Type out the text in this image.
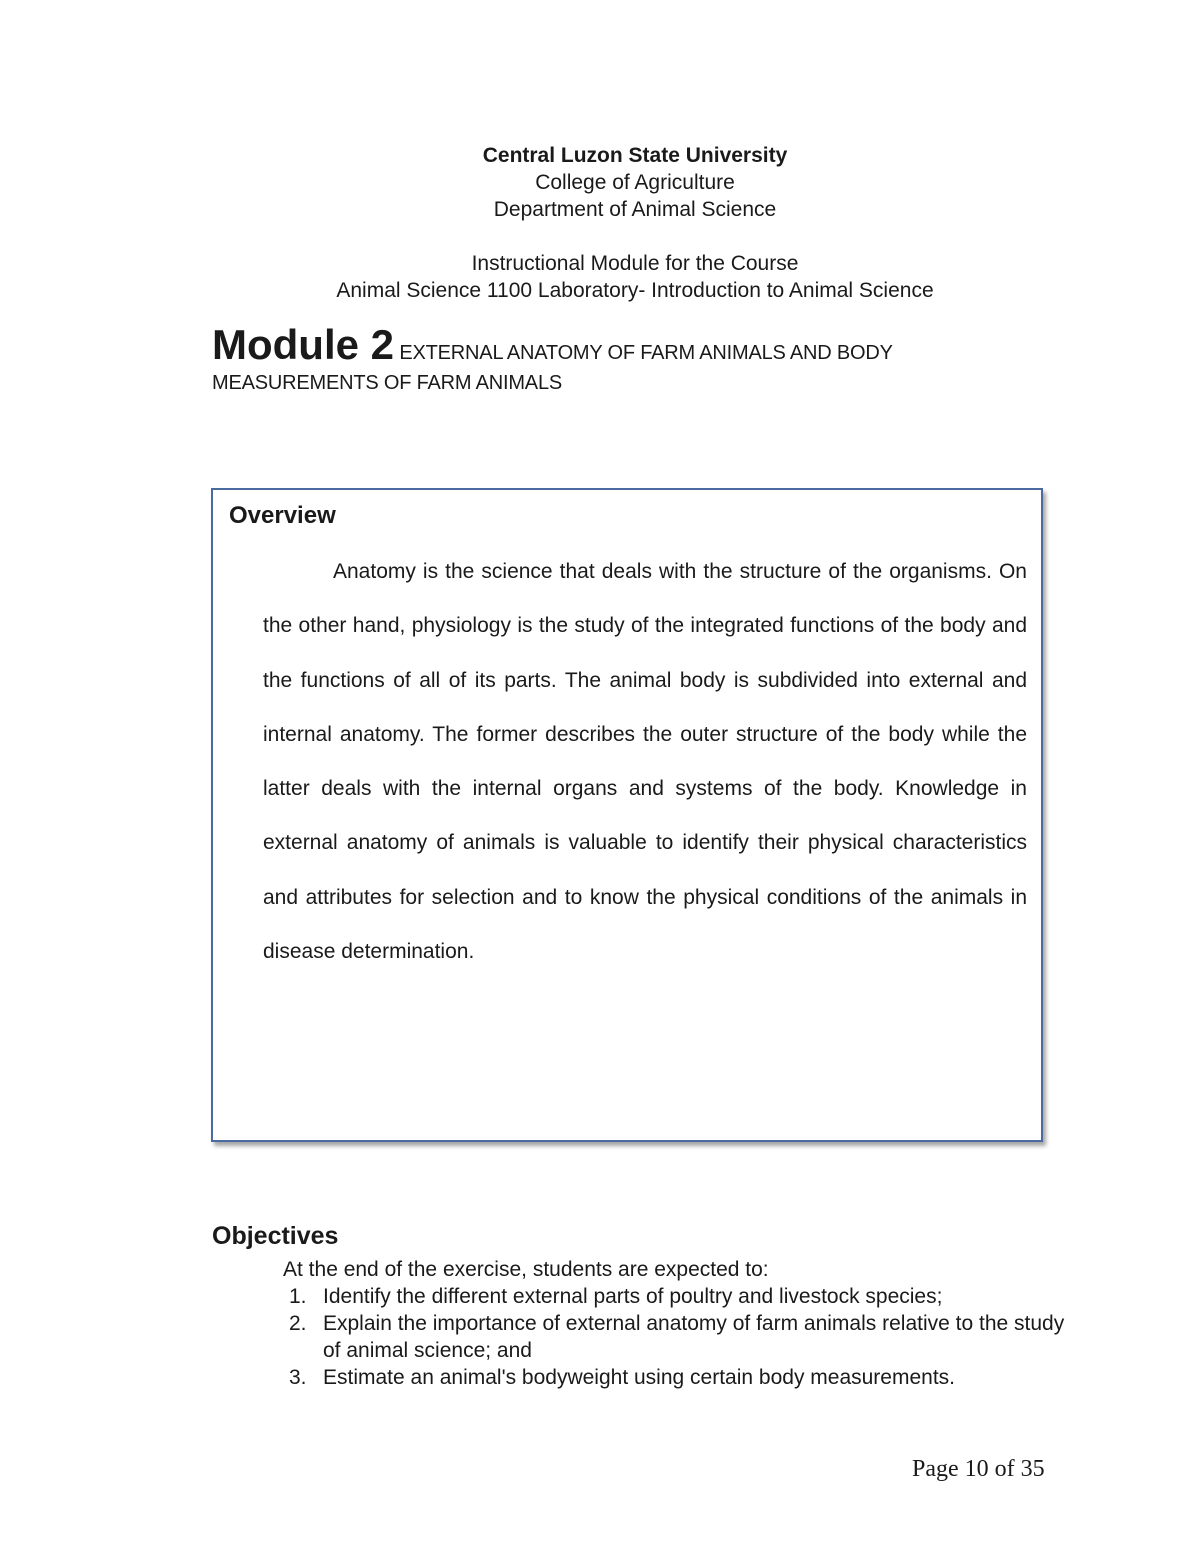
Central Luzon State University
College of Agriculture
Department of Animal Science
Instructional Module for the Course
Animal Science 1100 Laboratory- Introduction to Animal Science
Module 2 EXTERNAL ANATOMY OF FARM ANIMALS AND BODY MEASUREMENTS OF FARM ANIMALS
Overview

Anatomy is the science that deals with the structure of the organisms. On the other hand, physiology is the study of the integrated functions of the body and the functions of all of its parts. The animal body is subdivided into external and internal anatomy. The former describes the outer structure of the body while the latter deals with the internal organs and systems of the body. Knowledge in external anatomy of animals is valuable to identify their physical characteristics and attributes for selection and to know the physical conditions of the animals in disease determination.

Objectives
At the end of the exercise, students are expected to:
1. Identify the different external parts of poultry and livestock species;
2. Explain the importance of external anatomy of farm animals relative to the study of animal science; and
3. Estimate an animal's bodyweight using certain body measurements.
Page 10 of 35
